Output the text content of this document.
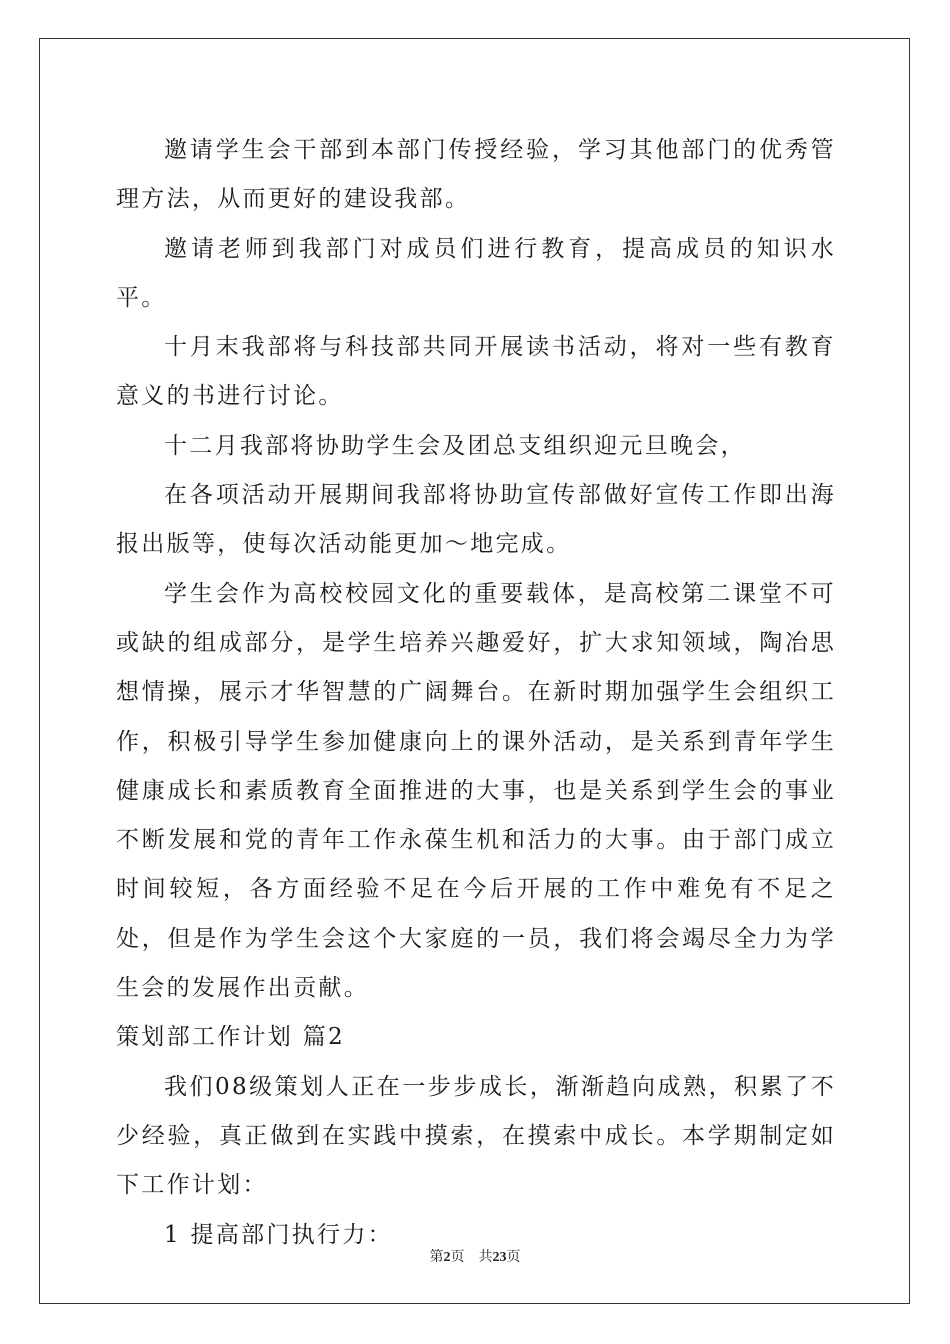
邀请学生会干部到本部门传授经验，学习其他部门的优秀管理方法，从而更好的建设我部。

邀请老师到我部门对成员们进行教育，提高成员的知识水平。

十月末我部将与科技部共同开展读书活动，将对一些有教育意义的书进行讨论。

十二月我部将协助学生会及团总支组织迎元旦晚会，

在各项活动开展期间我部将协助宣传部做好宣传工作即出海报出版等，使每次活动能更加～地完成。

学生会作为高校校园文化的重要载体，是高校第二课堂不可或缺的组成部分，是学生培养兴趣爱好，扩大求知领域，陶冶思想情操，展示才华智慧的广阔舞台。在新时期加强学生会组织工作，积极引导学生参加健康向上的课外活动，是关系到青年学生健康成长和素质教育全面推进的大事，也是关系到学生会的事业不断发展和党的青年工作永葆生机和活力的大事。由于部门成立时间较短，各方面经验不足在今后开展的工作中难免有不足之处，但是作为学生会这个大家庭的一员，我们将会竭尽全力为学生会的发展作出贡献。

策划部工作计划 篇2

我们08级策划人正在一步步成长，渐渐趋向成熟，积累了不少经验，真正做到在实践中摸索，在摸索中成长。本学期制定如下工作计划：

1 提高部门执行力：

第2页 共23页
